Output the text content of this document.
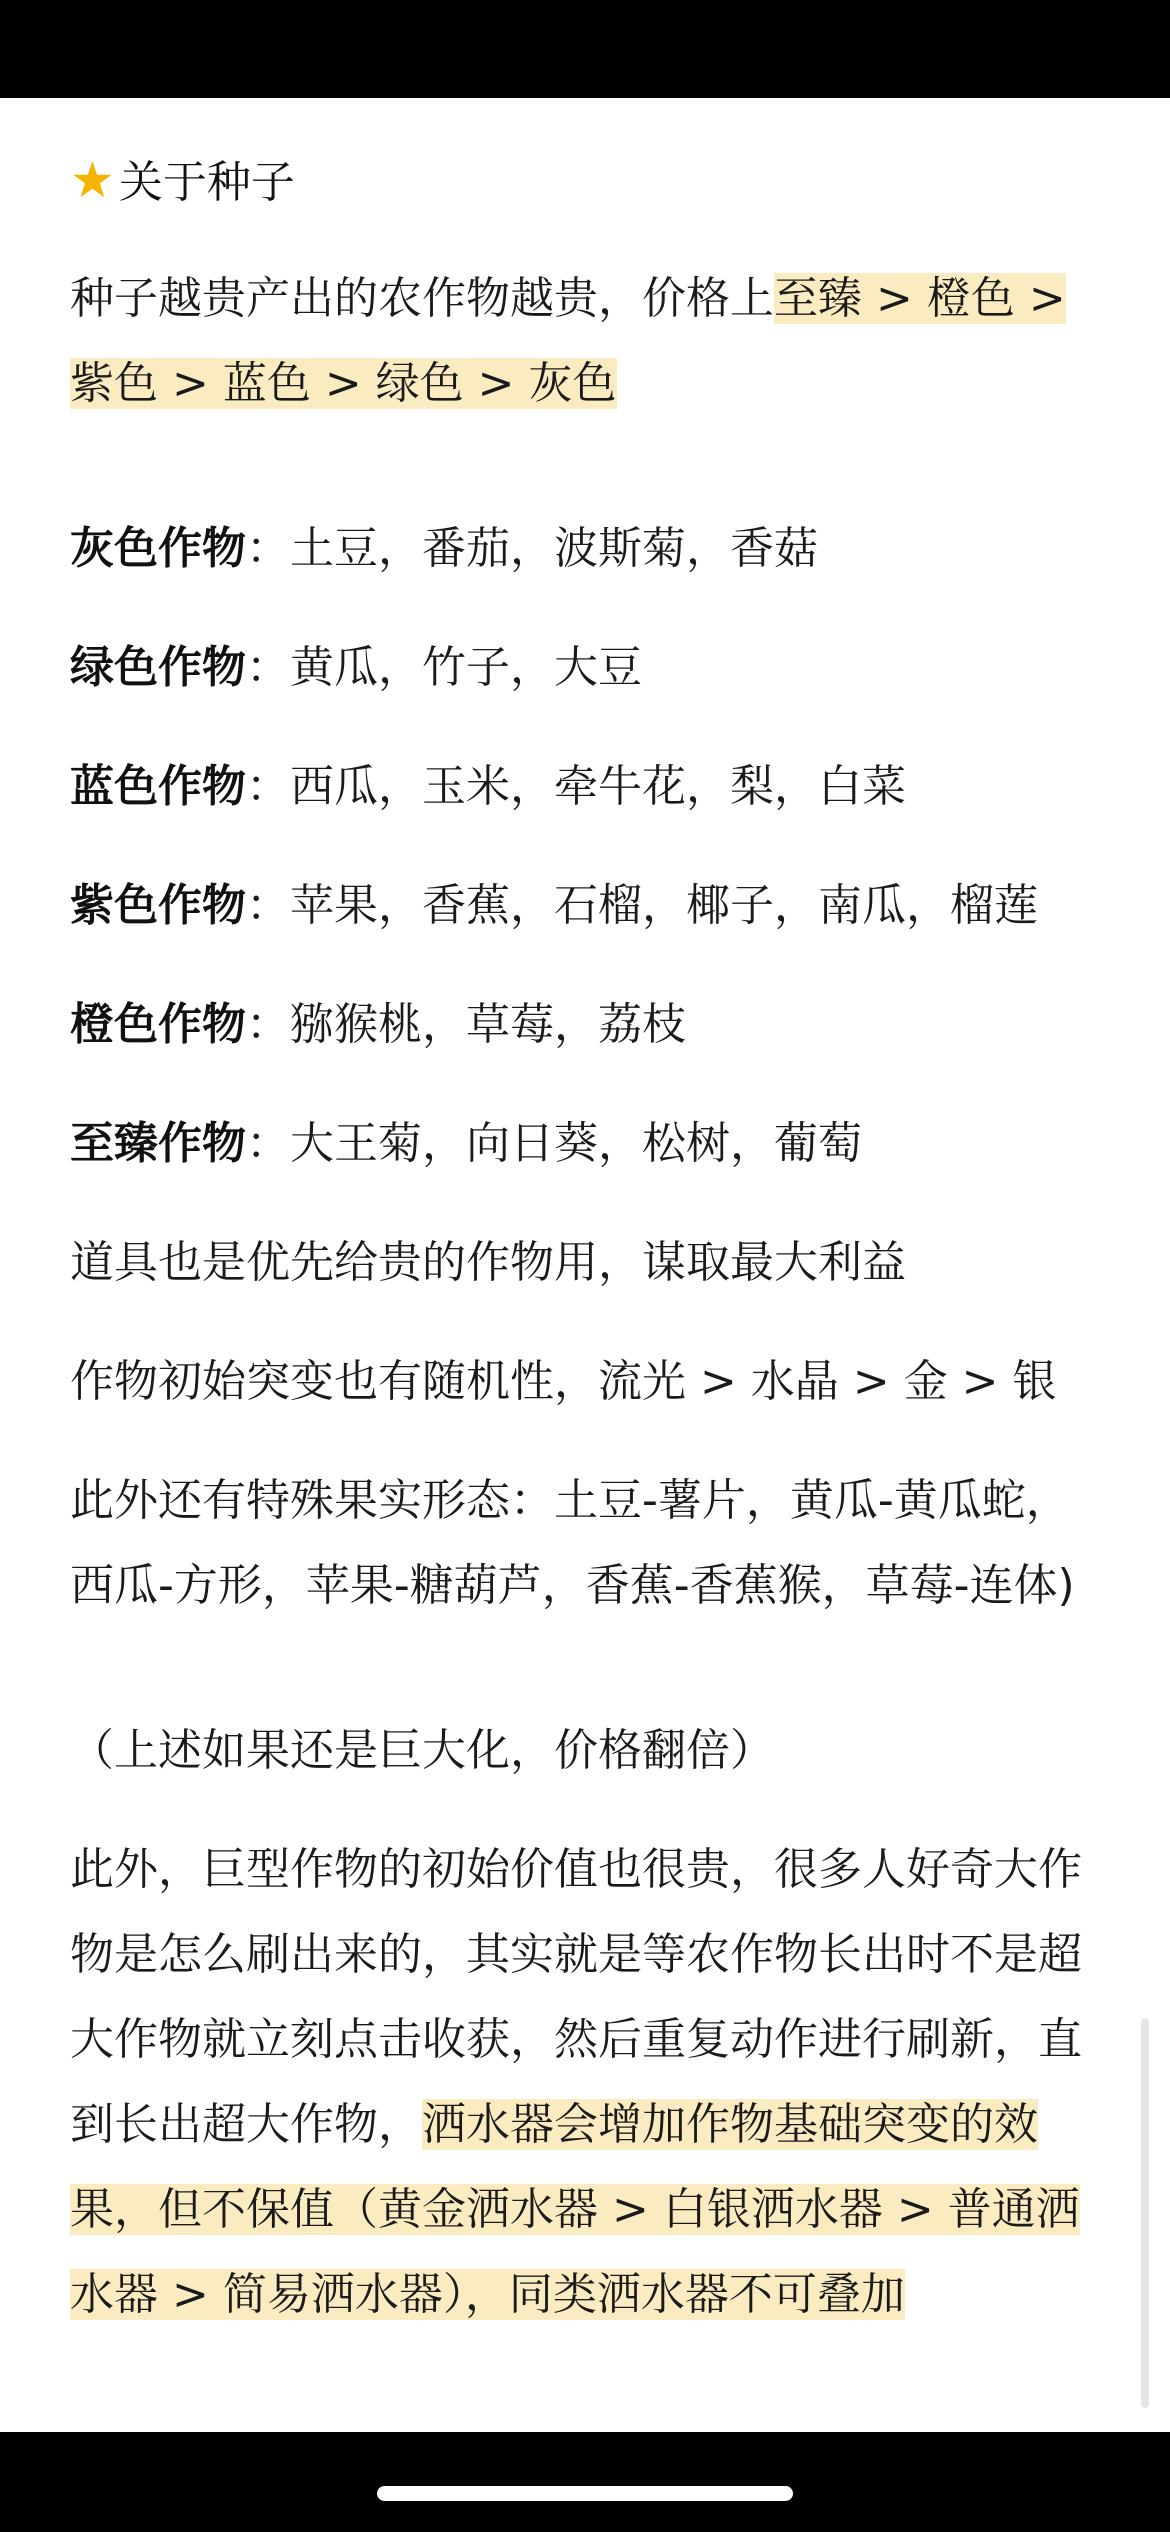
★关于种子
X	3/4

种子越贵产出的农作物越贵，价格上至臻 > 橙色 > 紫色 > 蓝色 > 绿色 > 灰色

灰色作物：土豆，番茄，波斯菊，香菇

绿色作物：黄瓜，竹子，大豆

蓝色作物：西瓜，玉米，牵牛花，梨，白菜

紫色作物：苹果，香蕉，石榴，椰子，南瓜，榴莲

橙色作物：猕猴桃，草莓，荔枝

至臻作物：大王菊，向日葵，松树，葡萄

道具也是优先给贵的作物用，谋取最大利益

作物初始突变也有随机性，流光 > 水晶 > 金 > 银

此外还有特殊果实形态：土豆-薯片，黄瓜-黄瓜蛇，西瓜-方形，苹果-糖葫芦，香蕉-香蕉猴，草莓-连体)

（上述如果还是巨大化，价格翻倍）

此外，巨型作物的初始价值也很贵，很多人好奇大作物是怎么刷出来的，其实就是等农作物长出时不是超大作物就立刻点击收获，然后重复动作进行刷新，直到长出超大作物，洒水器会增加作物基础突变的效果，但不保值（黄金洒水器 > 白银洒水器 > 普通洒水器 > 简易洒水器），同类洒水器不可叠加
